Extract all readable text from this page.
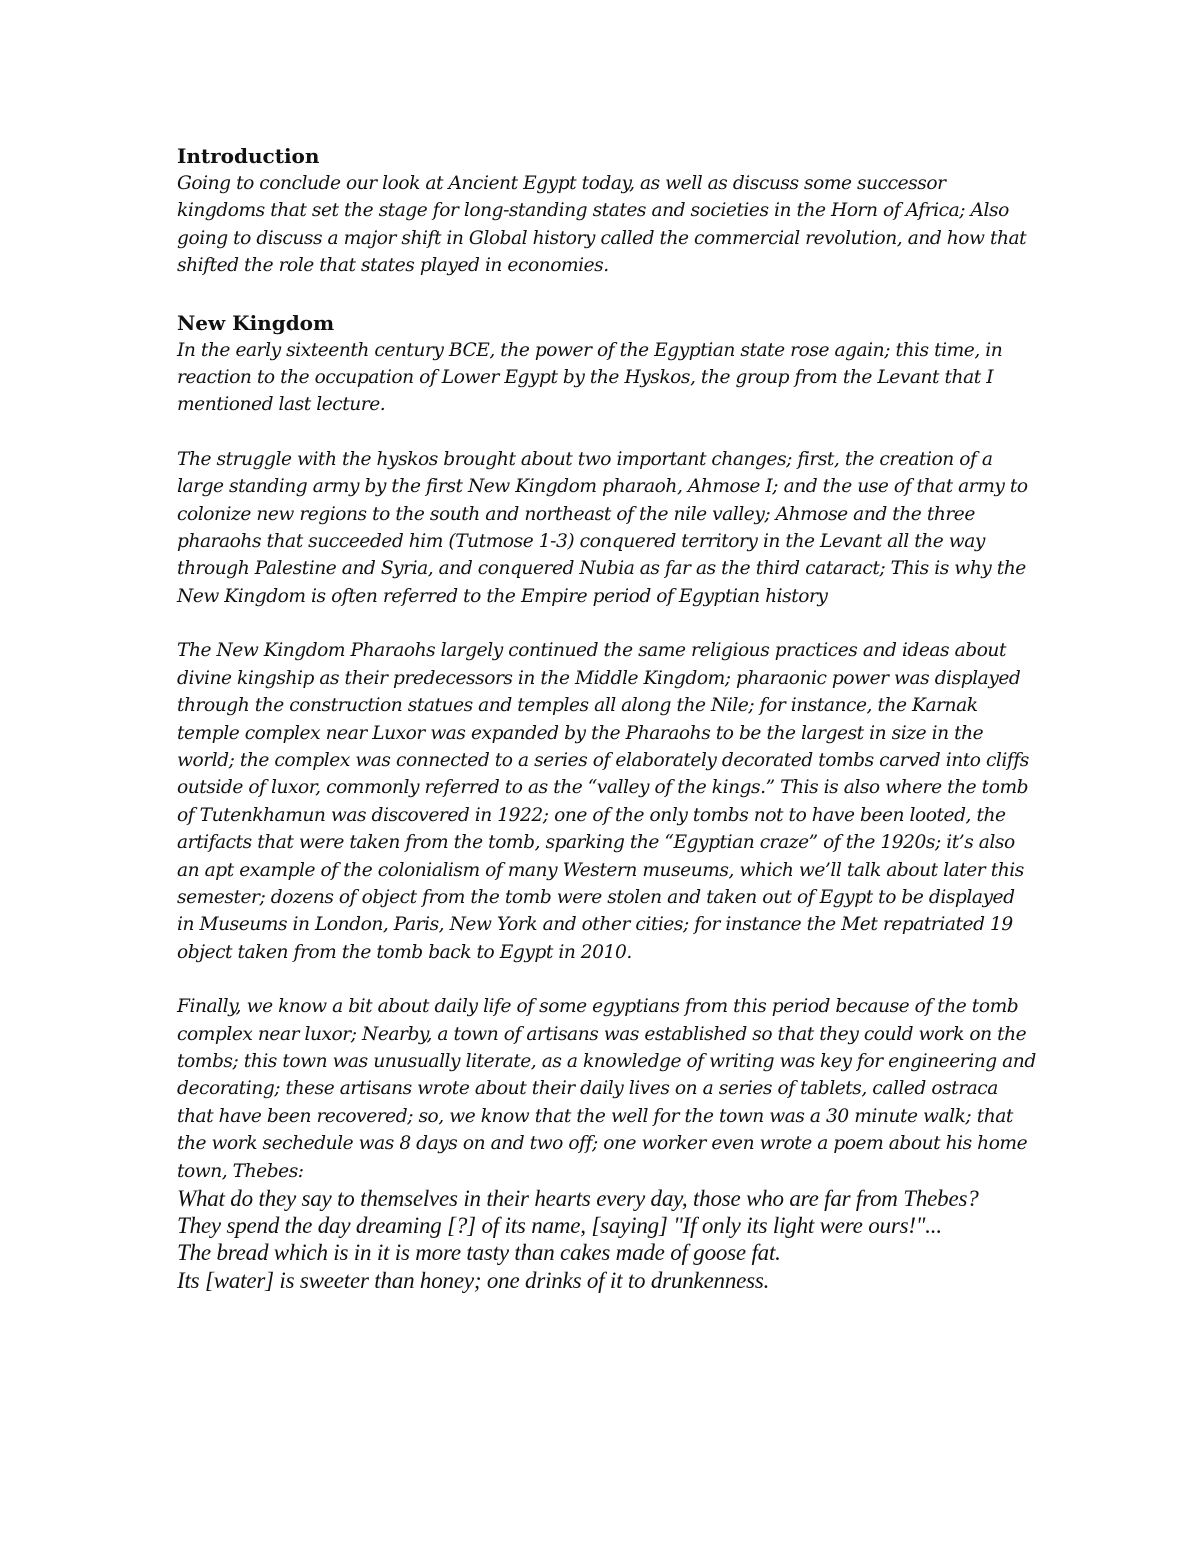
Introduction

Going to conclude our look at Ancient Egypt today, as well as discuss some successor kingdoms that set the stage for long-standing states and societies in the Horn of Africa; Also going to discuss a major shift in Global history called the commercial revolution, and how that shifted the role that states played in economies.

New Kingdom

In the early sixteenth century BCE, the power of the Egyptian state rose again; this time, in reaction to the occupation of Lower Egypt by the Hyskos, the group from the Levant that I mentioned last lecture.

The struggle with the hyskos brought about two important changes; first, the creation of a large standing army by the first New Kingdom pharaoh, Ahmose I; and the use of that army to colonize new regions to the south and northeast of the nile valley; Ahmose and the three pharaohs that succeeded him (Tutmose 1-3) conquered territory in the Levant all the way through Palestine and Syria, and conquered Nubia as far as the third cataract; This is why the New Kingdom is often referred to the Empire period of Egyptian history

The New Kingdom Pharaohs largely continued the same religious practices and ideas about divine kingship as their predecessors in the Middle Kingdom; pharaonic power was displayed through the construction statues and temples all along the Nile; for instance, the Karnak temple complex near Luxor was expanded by the Pharaohs to be the largest in size in the world; the complex was connected to a series of elaborately decorated tombs carved into cliffs outside of luxor, commonly referred to as the “valley of the kings.” This is also where the tomb of Tutenkhamun was discovered in 1922; one of the only tombs not to have been looted, the artifacts that were taken from the tomb, sparking the “Egyptian craze” of the 1920s; it’s also an apt example of the colonialism of many Western museums, which we’ll talk about later this semester; dozens of object from the tomb were stolen and taken out of Egypt to be displayed in Museums in London, Paris, New York and other cities; for instance the Met repatriated 19 object taken from the tomb back to Egypt in 2010.

Finally, we know a bit about daily life of some egyptians from this period because of the tomb complex near luxor; Nearby, a town of artisans was established so that they could work on the tombs; this town was unusually literate, as a knowledge of writing was key for engineering and decorating; these artisans wrote about their daily lives on a series of tablets, called ostraca that have been recovered; so, we know that the well for the town was a 30 minute walk; that the work sechedule was 8 days on and two off; one worker even wrote a poem about his home town, Thebes:

What do they say to themselves in their hearts every day, those who are far from Thebes?

They spend the day dreaming [?] of its name, [saying] "If only its light were ours!"...

The bread which is in it is more tasty than cakes made of goose fat.

Its [water] is sweeter than honey; one drinks of it to drunkenness.
